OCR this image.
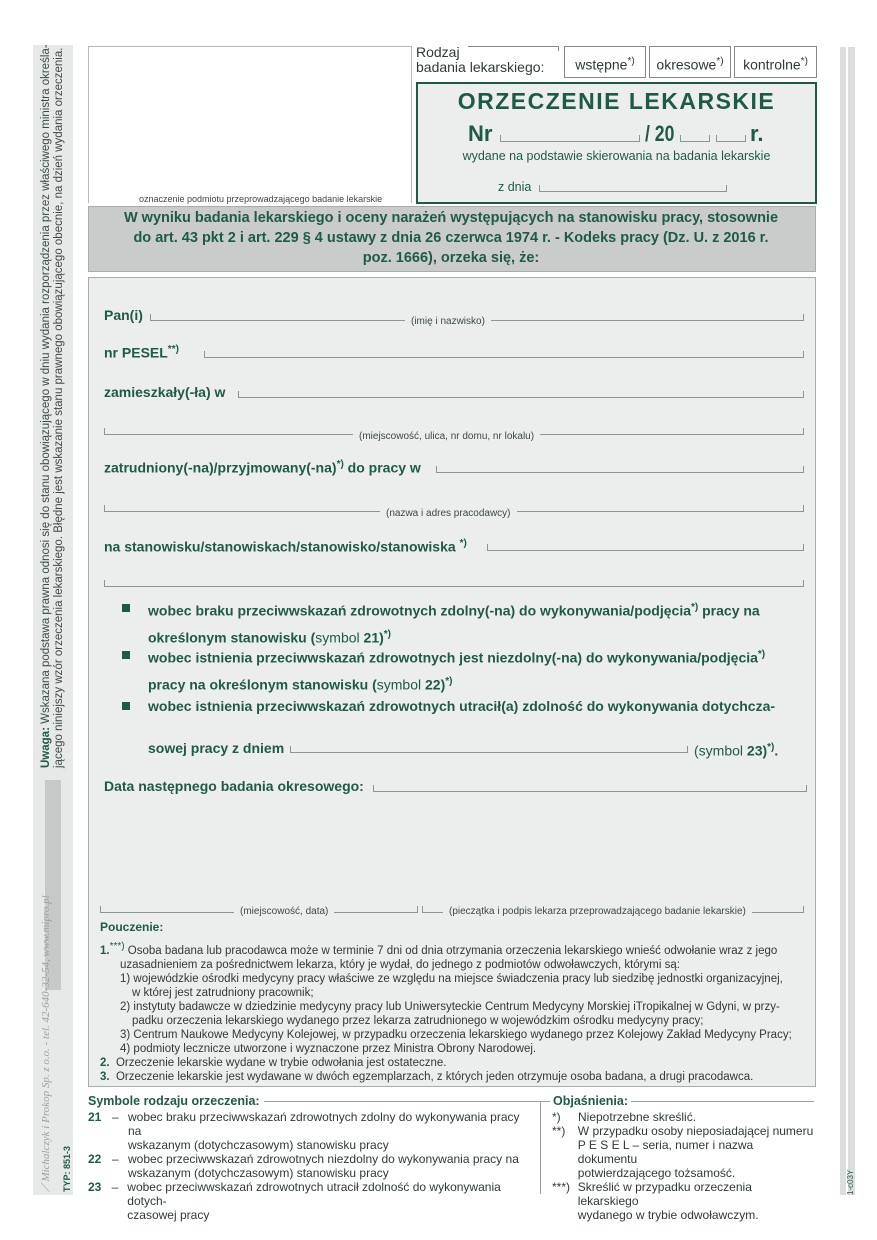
Uwaga: Wskazana podstawa prawna odnosi się do stanu obowiązującego w dniu wydania rozporządzenia przez właściwego ministra określa- jącego niniejszy wzór orzeczenia lekarskiego. Błędne jest wskazanie stanu prawnego obowiązującego obecnie, na dzień wydania orzeczenia.
⟋ Michalczyk i Prokop Sp. z o.o. - tel. 42-640-32-54, www.mipro.pl TYP: 851-3	1-c03Y
oznaczenie podmiotu przeprowadzającego badanie lekarskie
Rodzaj
badania lekarskiego:	wstępne*)	okresowe*)	kontrolne*)
ORZECZENIE LEKARSKIE
Nr	/ 20	r.
wydane na podstawie skierowania na badania lekarskie
z dnia
W wyniku badania lekarskiego i oceny narażeń występujących na stanowisku pracy, stosownie
do art. 43 pkt 2 i art. 229 § 4 ustawy z dnia 26 czerwca 1974 r. - Kodeks pracy (Dz. U. z 2016 r.
poz. 1666), orzeka się, że:
Pan(i)	(imię i nazwisko)
nr PESEL**)
zamieszkały(-ła) w
(miejscowość, ulica, nr domu, nr lokalu)
zatrudniony(-na)/przyjmowany(-na)*) do pracy w
(nazwa i adres pracodawcy)
na stanowisku/stanowiskach/stanowisko/stanowiska *)
wobec braku przeciwwskazań zdrowotnych zdolny(-na) do wykonywania/podjęcia*) pracy na
określonym stanowisku (symbol 21)*)
wobec istnienia przeciwwskazań zdrowotnych jest niezdolny(-na) do wykonywania/podjęcia*)
pracy na określonym stanowisku (symbol 22)*)
wobec istnienia przeciwwskazań zdrowotnych utracił(a) zdolność do wykonywania dotychcza-
sowej pracy z dniem	(symbol 23)*).
Data następnego badania okresowego:
(miejscowość, data)	(pieczątka i podpis lekarza przeprowadzającego badanie lekarskie)
Pouczenie:
1.***) Osoba badana lub pracodawca może w terminie 7 dni od dnia otrzymania orzeczenia lekarskiego wnieść odwołanie wraz z jego
uzasadnieniem za pośrednictwem lekarza, który je wydał, do jednego z podmiotów odwoławczych, którymi są:
1) wojewódzkie ośrodki medycyny pracy właściwe ze względu na miejsce świadczenia pracy lub siedzibę jednostki organizacyjnej,
w której jest zatrudniony pracownik;
2) instytuty badawcze w dziedzinie medycyny pracy lub Uniwersyteckie Centrum Medycyny Morskiej iTropikalnej w Gdyni, w przy-
padku orzeczenia lekarskiego wydanego przez lekarza zatrudnionego w wojewódzkim ośrodku medycyny pracy;
3) Centrum Naukowe Medycyny Kolejowej, w przypadku orzeczenia lekarskiego wydanego przez Kolejowy Zakład Medycyny Pracy;
4) podmioty lecznicze utworzone i wyznaczone przez Ministra Obrony Narodowej.
2. Orzeczenie lekarskie wydane w trybie odwołania jest ostateczne.
3. Orzeczenie lekarskie jest wydawane w dwóch egzemplarzach, z których jeden otrzymuje osoba badana, a drugi pracodawca.
Symbole rodzaju orzeczenia:
21 – wobec braku przeciwwskazań zdrowotnych zdolny do wykonywania pracy na
wskazanym (dotychczasowym) stanowisku pracy
22 – wobec przeciwwskazań zdrowotnych niezdolny do wykonywania pracy na
wskazanym (dotychczasowym) stanowisku pracy
23 – wobec przeciwwskazań zdrowotnych utracił zdolność do wykonywania dotych-
czasowej pracy
Objaśnienia:
*)	Niepotrzebne skreślić.
**)	W przypadku osoby nieposiadającej numeru
P E S E L – seria, numer i nazwa dokumentu
potwierdzającego tożsamość.
***) Skreślić w przypadku orzeczenia lekarskiego
wydanego w trybie odwoławczym.
